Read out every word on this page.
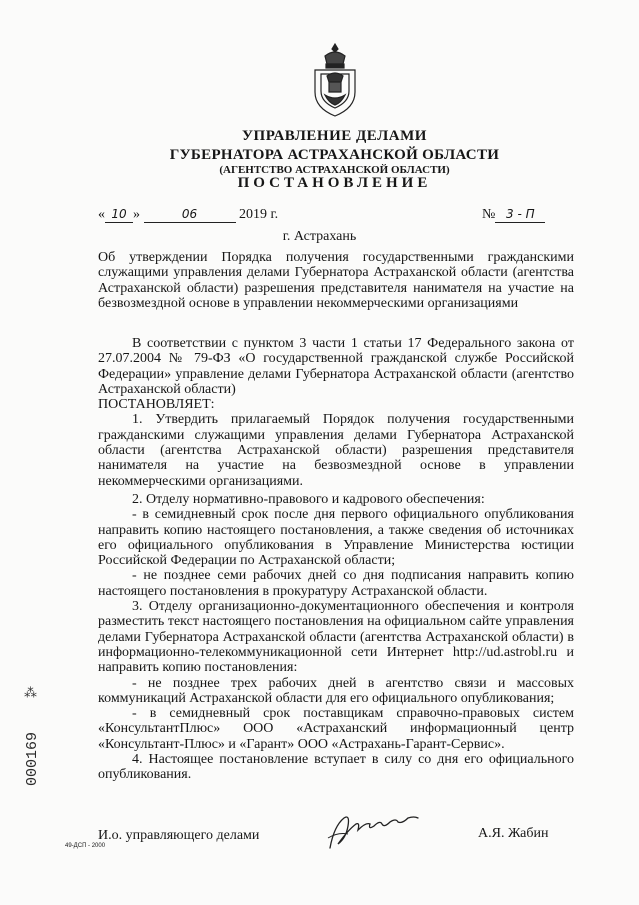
УПРАВЛЕНИЕ ДЕЛАМИ
ГУБЕРНАТОРА АСТРАХАНСКОЙ ОБЛАСТИ
(АГЕНТСТВО АСТРАХАНСКОЙ ОБЛАСТИ)
ПОСТАНОВЛЕНИЕ
« 10 »	06	2019 г.	№ 3 - П
г. Астрахань

Об утверждении Порядка получения государственными гражданскими служащими управления делами Губернатора Астраханской области (агентства Астраханской области) разрешения представителя нанимателя на участие на безвозмездной основе в управлении некоммерческими организациями

В соответствии с пунктом 3 части 1 статьи 17 Федерального закона от 27.07.2004 № 79-ФЗ «О государственной гражданской службе Российской Федерации» управление делами Губернатора Астраханской области (агентство Астраханской области)

ПОСТАНОВЛЯЕТ:

1. Утвердить прилагаемый Порядок получения государственными гражданскими служащими управления делами Губернатора Астраханской области (агентства Астраханской области) разрешения представителя нанимателя на участие на безвозмездной основе в управлении некоммерческими организациями.

2. Отделу нормативно-правового и кадрового обеспечения:

- в семидневный срок после дня первого официального опубликования направить копию настоящего постановления, а также сведения об источниках его официального опубликования в Управление Министерства юстиции Российской Федерации по Астраханской области;

- не позднее семи рабочих дней со дня подписания направить копию настоящего постановления в прокуратуру Астраханской области.

3. Отделу организационно-документационного обеспечения и контроля разместить текст настоящего постановления на официальном сайте управления делами Губернатора Астраханской области (агентства Астраханской области) в информационно-телекоммуникационной сети Интернет http://ud.astrobl.ru и направить копию постановления:

- не позднее трех рабочих дней в агентство связи и массовых коммуникаций Астраханской области для его официального опубликования;

- в семидневный срок поставщикам справочно-правовых систем «КонсультантПлюс» ООО «Астраханский информационный центр «Консультант-Плюс» и «Гарант» ООО «Астрахань-Гарант-Сервис».

4. Настоящее постановление вступает в силу со дня его официального опубликования.

И.о. управляющего делами	А.Я. Жабин
49-ДСП - 2000
⁂
000169
